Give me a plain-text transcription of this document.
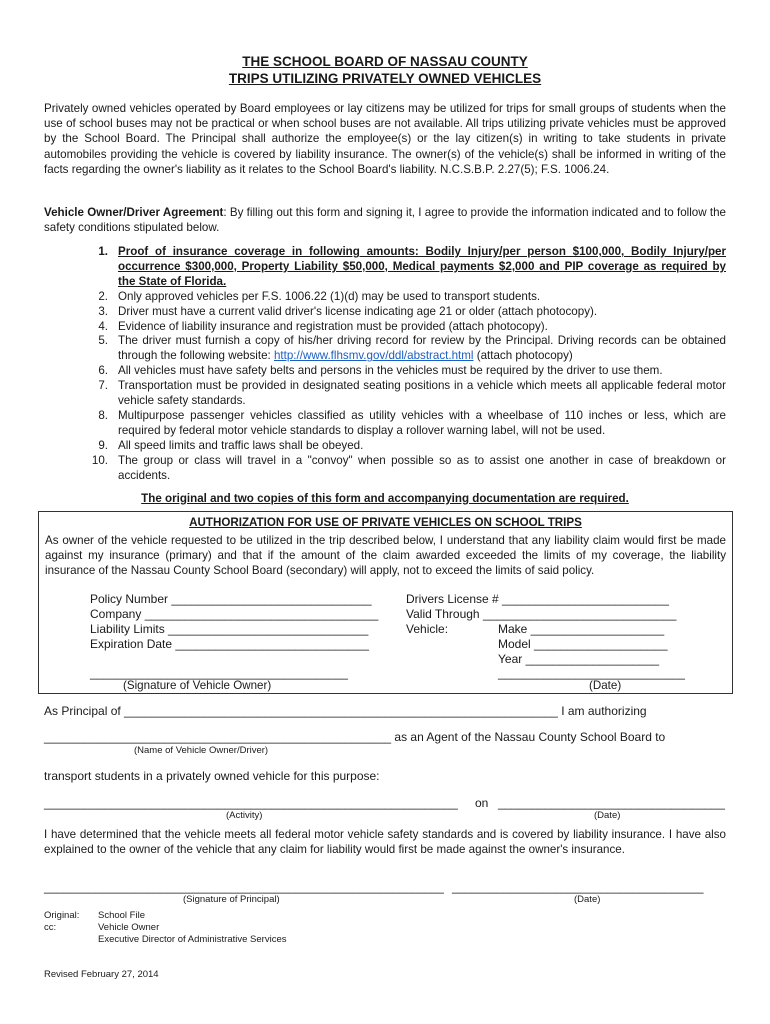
THE SCHOOL BOARD OF NASSAU COUNTY
TRIPS UTILIZING PRIVATELY OWNED VEHICLES
Privately owned vehicles operated by Board employees or lay citizens may be utilized for trips for small groups of students when the use of school buses may not be practical or when school buses are not available. All trips utilizing private vehicles must be approved by the School Board. The Principal shall authorize the employee(s) or the lay citizen(s) in writing to take students in private automobiles providing the vehicle is covered by liability insurance. The owner(s) of the vehicle(s) shall be informed in writing of the facts regarding the owner's liability as it relates to the School Board's liability. N.C.S.B.P. 2.27(5); F.S. 1006.24.
Vehicle Owner/Driver Agreement: By filling out this form and signing it, I agree to provide the information indicated and to follow the safety conditions stipulated below.
1. Proof of insurance coverage in following amounts: Bodily Injury/per person $100,000, Bodily Injury/per occurrence $300,000, Property Liability $50,000, Medical payments $2,000 and PIP coverage as required by the State of Florida.
2. Only approved vehicles per F.S. 1006.22 (1)(d) may be used to transport students.
3. Driver must have a current valid driver's license indicating age 21 or older (attach photocopy).
4. Evidence of liability insurance and registration must be provided (attach photocopy).
5. The driver must furnish a copy of his/her driving record for review by the Principal. Driving records can be obtained through the following website: http://www.flhsmv.gov/ddl/abstract.html (attach photocopy)
6. All vehicles must have safety belts and persons in the vehicles must be required by the driver to use them.
7. Transportation must be provided in designated seating positions in a vehicle which meets all applicable federal motor vehicle safety standards.
8. Multipurpose passenger vehicles classified as utility vehicles with a wheelbase of 110 inches or less, which are required by federal motor vehicle standards to display a rollover warning label, will not be used.
9. All speed limits and traffic laws shall be obeyed.
10. The group or class will travel in a "convoy" when possible so as to assist one another in case of breakdown or accidents.
The original and two copies of this form and accompanying documentation are required.
AUTHORIZATION FOR USE OF PRIVATE VEHICLES ON SCHOOL TRIPS
As owner of the vehicle requested to be utilized in the trip described below, I understand that any liability claim would first be made against my insurance (primary) and that if the amount of the claim awarded exceeded the limits of my coverage, the liability insurance of the Nassau County School Board (secondary) will apply, not to exceed the limits of said policy.
Policy Number ______________________________
Company ___________________________________
Liability Limits ______________________________
Expiration Date _____________________________
Drivers License # _________________________
Valid Through _____________________________
Vehicle:	Make ____________________
Model ____________________
Year ____________________
________________________________________
(Signature of Vehicle Owner)
_____________________________
(Date)
As Principal of _________________________________________________________________ I am authorizing
____________________________________________________ as an Agent of the Nassau County School Board to
(Name of Vehicle Owner/Driver)
transport students in a privately owned vehicle for this purpose:
______________________________________________________________ on __________________________________
(Activity)	(Date)
I have determined that the vehicle meets all federal motor vehicle safety standards and is covered by liability insurance. I have also explained to the owner of the vehicle that any claim for liability would first be made against the owner's insurance.
______________________________________________________________
(Signature of Principal)
_______________________________________
(Date)
Original:
cc:
School File
Vehicle Owner
Executive Director of Administrative Services
Revised February 27, 2014
